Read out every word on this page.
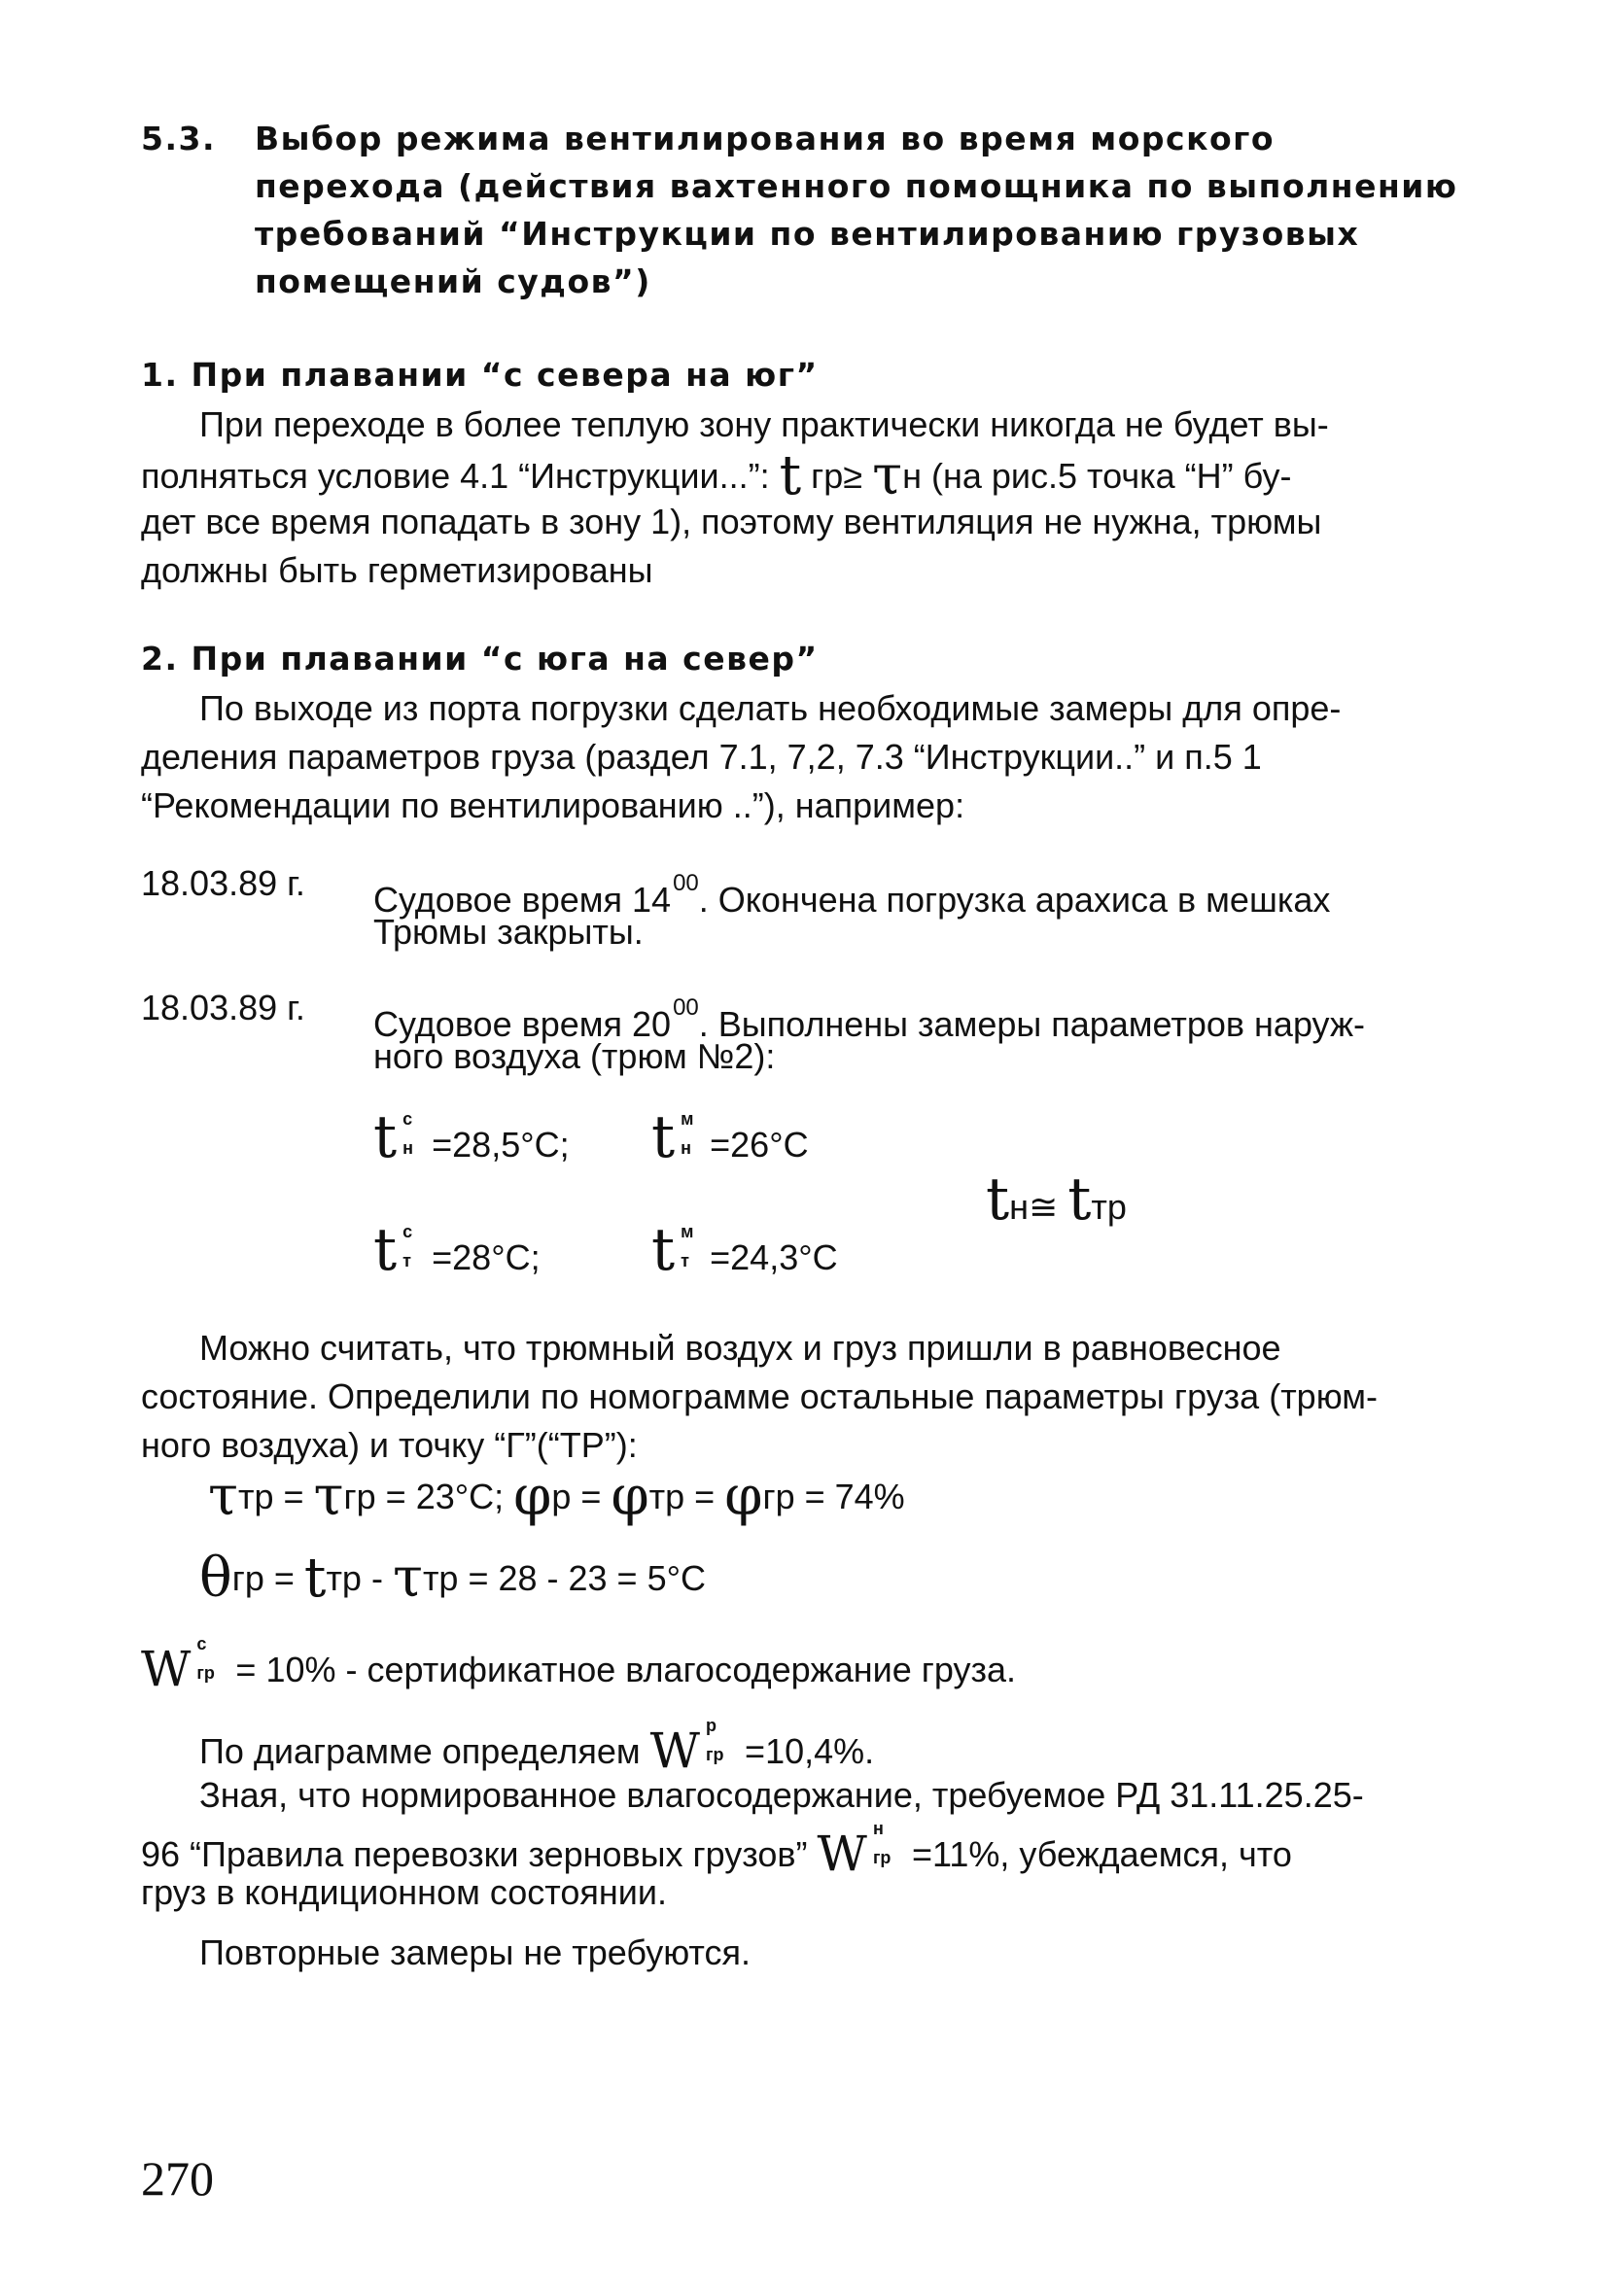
5.3. Выбор режима вентилирования во время морского перехода (действия вахтенного помощника по выполнению требований “Инструкции по вентилированию грузовых помещений судов”)
1. При плавании “с севера на юг”
При переходе в более теплую зону практически никогда не будет вы-
полняться условие 4.1 “Инструкции...”: t гр≥ τн (на рис.5 точка “Н” бу-
дет все время попадать в зону 1), поэтому вентиляция не нужна, трюмы
должны быть герметизированы
2. При плавании “с юга на север”
По выходе из порта погрузки сделать необходимые замеры для опре-
деления параметров груза (раздел 7.1, 7,2, 7.3 “Инструкции..” и п.5 1
“Рекомендации по вентилированию ..”), например:
18.03.89 г. Судовое время $14^{00}$. Окончена погрузка арахиса в мешках
Трюмы закрыты.
18.03.89 г. Судовое время $20^{00}$. Выполнены замеры параметров наруж-
ного воздуха (трюм №2):
t с
н =28,5°С; t м
н =26°С
t с
т =28°С; t м
т =24,3°С
tн≅ tтр
Можно считать, что трюмный воздух и груз пришли в равновесное
состояние. Определили по номограмме остальные параметры груза (трюм-
ного воздуха) и точку “Г”(“ТР”):
τтр = τгр = 23°С; φр = φтр = φгр = 74%
θгр = tтр - τтр = 28 - 23 = 5°С
W с
гр = 10% - сертификатное влагосодержание груза.
По диаграмме определяем W р
гр =10,4%.
Зная, что нормированное влагосодержание, требуемое РД 31.11.25.25-
96 “Правила перевозки зерновых грузов” W н
гр =11%, убеждаемся, что
груз в кондиционном состоянии.
Повторные замеры не требуются.
270
